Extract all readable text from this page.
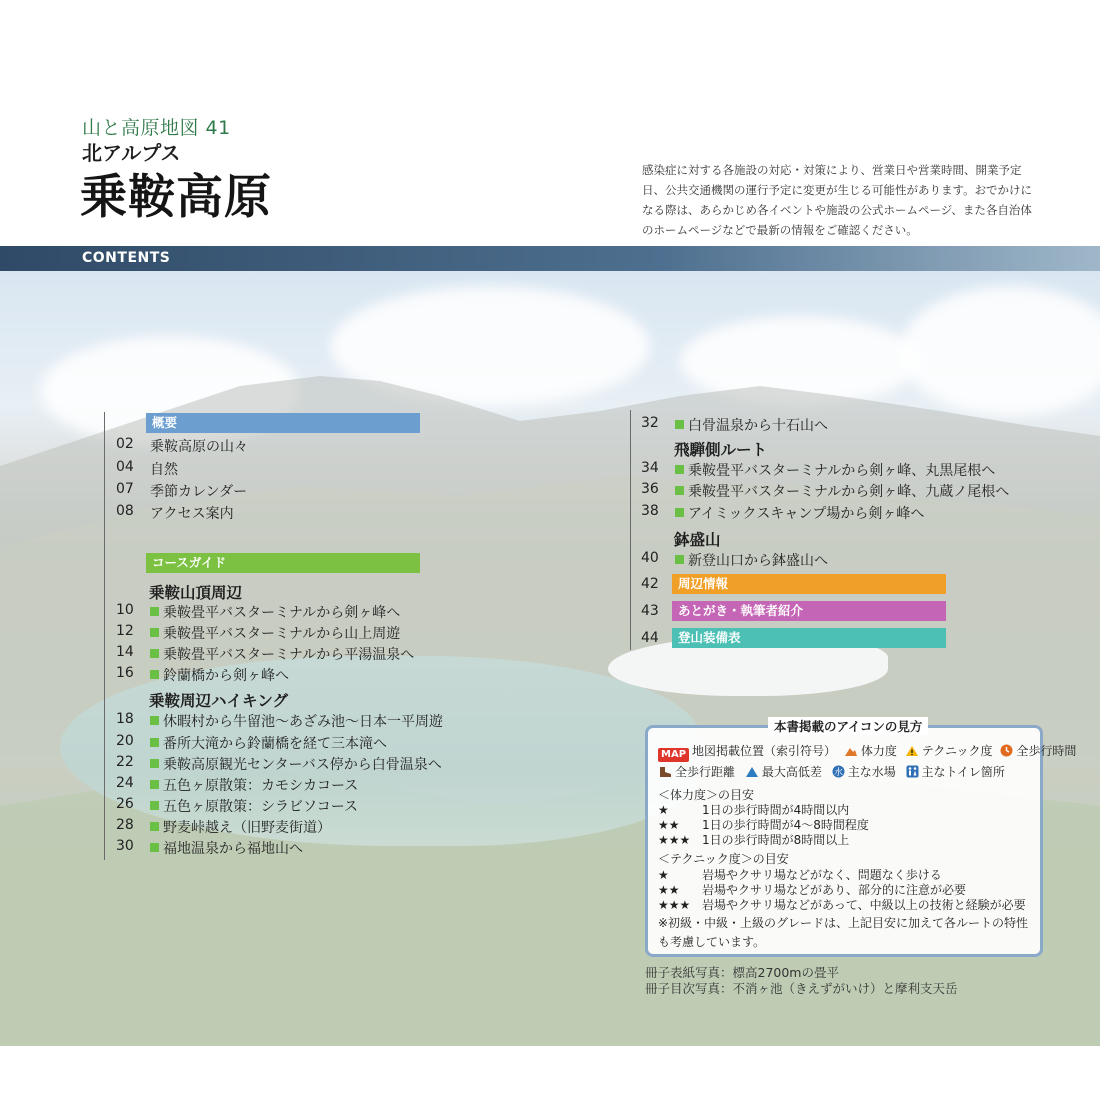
山と高原地図 41
北アルプス
乗鞍高原	感染症に対する各施設の対応・対策により、営業日や営業時間、開業予定日、公共交通機関の運行予定に変更が生じる可能性があります。おでかけになる際は、あらかじめ各イベントや施設の公式ホームページ、また各自治体のホームページなどで最新の情報をご確認ください。
CONTENTS
概要
02	乗鞍高原の山々
04	自然
07	季節カレンダー
08	アクセス案内
コースガイド
乗鞍山頂周辺
10	乗鞍畳平バスターミナルから剣ヶ峰へ
12	乗鞍畳平バスターミナルから山上周遊
14	乗鞍畳平バスターミナルから平湯温泉へ
16	鈴蘭橋から剣ヶ峰へ
乗鞍周辺ハイキング
18	休暇村から牛留池～あざみ池～日本一平周遊
20	番所大滝から鈴蘭橋を経て三本滝へ
22	乗鞍高原観光センターバス停から白骨温泉へ
24	五色ヶ原散策：カモシカコース
26	五色ヶ原散策：シラビソコース
28	野麦峠越え（旧野麦街道）
30	福地温泉から福地山へ
32	白骨温泉から十石山へ
飛騨側ルート
34	乗鞍畳平バスターミナルから剣ヶ峰、丸黒尾根へ
36	乗鞍畳平バスターミナルから剣ヶ峰、九蔵ノ尾根へ
38	アイミックスキャンプ場から剣ヶ峰へ
鉢盛山
40	新登山口から鉢盛山へ
42	周辺情報
43	あとがき・執筆者紹介
44	登山装備表
本書掲載のアイコンの見方
MAP 地図掲載位置（索引符号） 体力度 テクニック度 全歩行時間
全歩行距離 最大高低差 水 主な水場 主なトイレ箇所
＜体力度＞の目安
★	1日の歩行時間が4時間以内
★★ 1日の歩行時間が4～8時間程度
★★★ 1日の歩行時間が8時間以上
＜テクニック度＞の目安
★	岩場やクサリ場などがなく、問題なく歩ける
★★ 岩場やクサリ場などがあり、部分的に注意が必要
★★★ 岩場やクサリ場などがあって、中級以上の技術と経験が必要
※初級・中級・上級のグレードは、上記目安に加えて各ルートの特性
も考慮しています。
冊子表紙写真：標高2700mの畳平
冊子目次写真：不消ヶ池（きえずがいけ）と摩利支天岳
